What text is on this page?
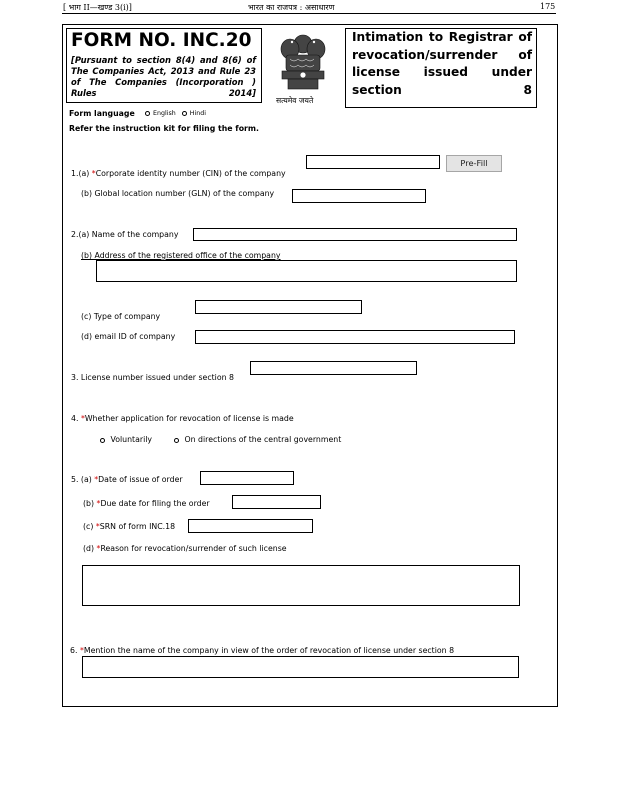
[ भाग II—खण्ड 3(i)]	भारत का राजपत्र : असाधारण	175
FORM NO. INC.20
[Pursuant to section 8(4) and 8(6) of The Companies Act, 2013 and Rule 23 of The Companies (Incorporation ) Rules 2014]
सत्यमेव जयते
Intimation to Registrar of revocation/surrender of license issued under section 8
Form language	English Hindi
Refer the instruction kit for filing the form.
Pre-Fill
1.(a) *Corporate identity number (CIN) of the company
(b) Global location number (GLN) of the company
2.(a) Name of the company
(b) Address of the registered office of the company
(c) Type of company
(d) email ID of company
3. License number issued under section 8
4. *Whether application for revocation of license is made
Voluntarily	On directions of the central government
5. (a) *Date of issue of order
(b) *Due date for filing the order
(c) *SRN of form INC.18
(d) *Reason for revocation/surrender of such license
6. *Mention the name of the company in view of the order of revocation of license under section 8
